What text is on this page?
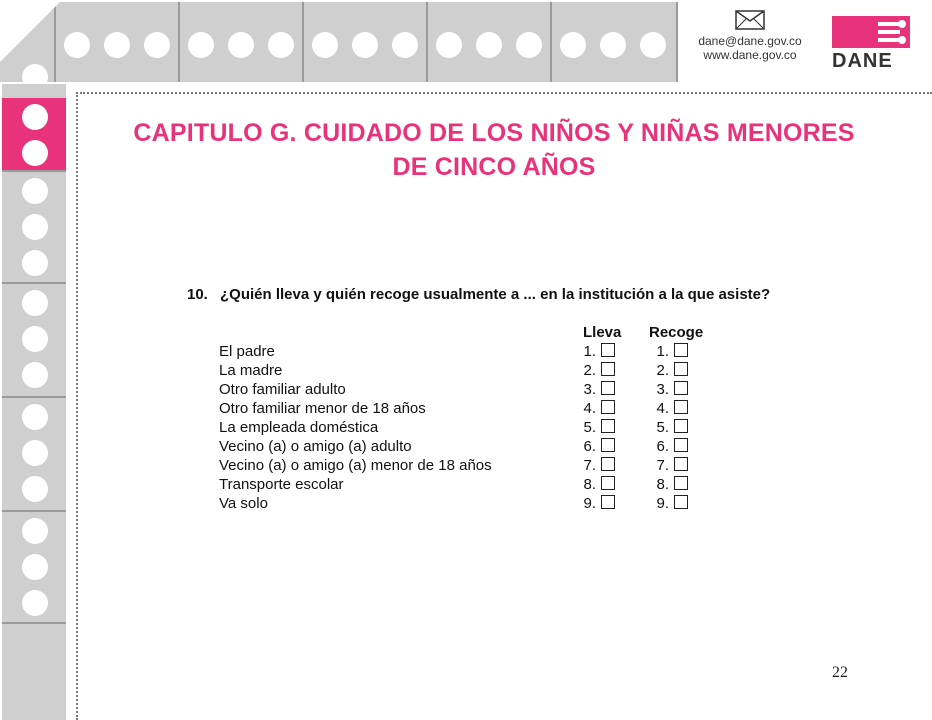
dane@dane.gov.co
www.dane.gov.co	DANE
CAPITULO G. CUIDADO DE LOS NIÑOS Y NIÑAS MENORES
DE CINCO AÑOS
10. ¿Quién lleva y quién recoge usualmente a ... en la institución a la que asiste?
Lleva Recoge
El padre	1.	1.
La madre	2.	2.
Otro familiar adulto	3.	3.
Otro familiar menor de 18 años	4.	4.
La empleada doméstica	5.	5.
Vecino (a) o amigo (a) adulto	6.	6.
Vecino (a) o amigo (a) menor de 18 años	7.	7.
Transporte escolar	8.	8.
Va solo	9.	9.
22
